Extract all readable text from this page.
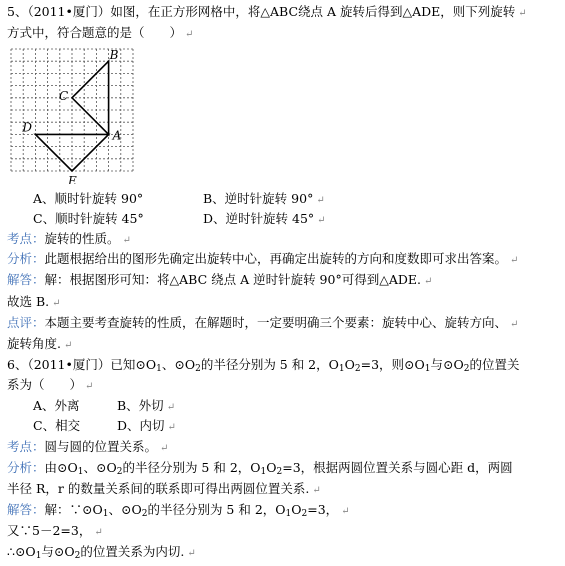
5、（2011•厦门）如图，在正方形网格中，将△ABC绕点 A 旋转后得到△ADE，则下列旋转 ↵
方式中，符合题意的是（　　） ↵
A
B
C
D
E
A、顺时针旋转 90°	B、逆时针旋转 90° ↵
C、顺时针旋转 45°	D、逆时针旋转 45° ↵
考点：旋转的性质。 ↵
分析：此题根据给出的图形先确定出旋转中心，再确定出旋转的方向和度数即可求出答案。 ↵
解答：解：根据图形可知：将△ABC 绕点 A 逆时针旋转 90°可得到△ADE. ↵
故选 B. ↵
点评：本题主要考查旋转的性质，在解题时，一定要明确三个要素：旋转中心、旋转方向、 ↵
旋转角度. ↵
6、（2011•厦门）已知$⊙O_1$、$⊙O_2$的半径分别为 5 和 2，$O_1O_2=3$，则$⊙O_1$与$⊙O_2$的位置关
系为（　　） ↵
A、外离	B、外切 ↵
C、相交	D、内切 ↵
考点：圆与圆的位置关系。 ↵
分析：由$⊙O_1$、$⊙O_2$的半径分别为 5 和 2，$O_1O_2=3$，根据两圆位置关系与圆心距 d，两圆
半径 R，r 的数量关系间的联系即可得出两圆位置关系. ↵
解答：解：$\because⊙O_1$、$⊙O_2$的半径分别为 5 和 2，$O_1O_2=3$， ↵
又∵5－2=3， ↵
$\therefore⊙O_1$与$⊙O_2$的位置关系为内切. ↵
